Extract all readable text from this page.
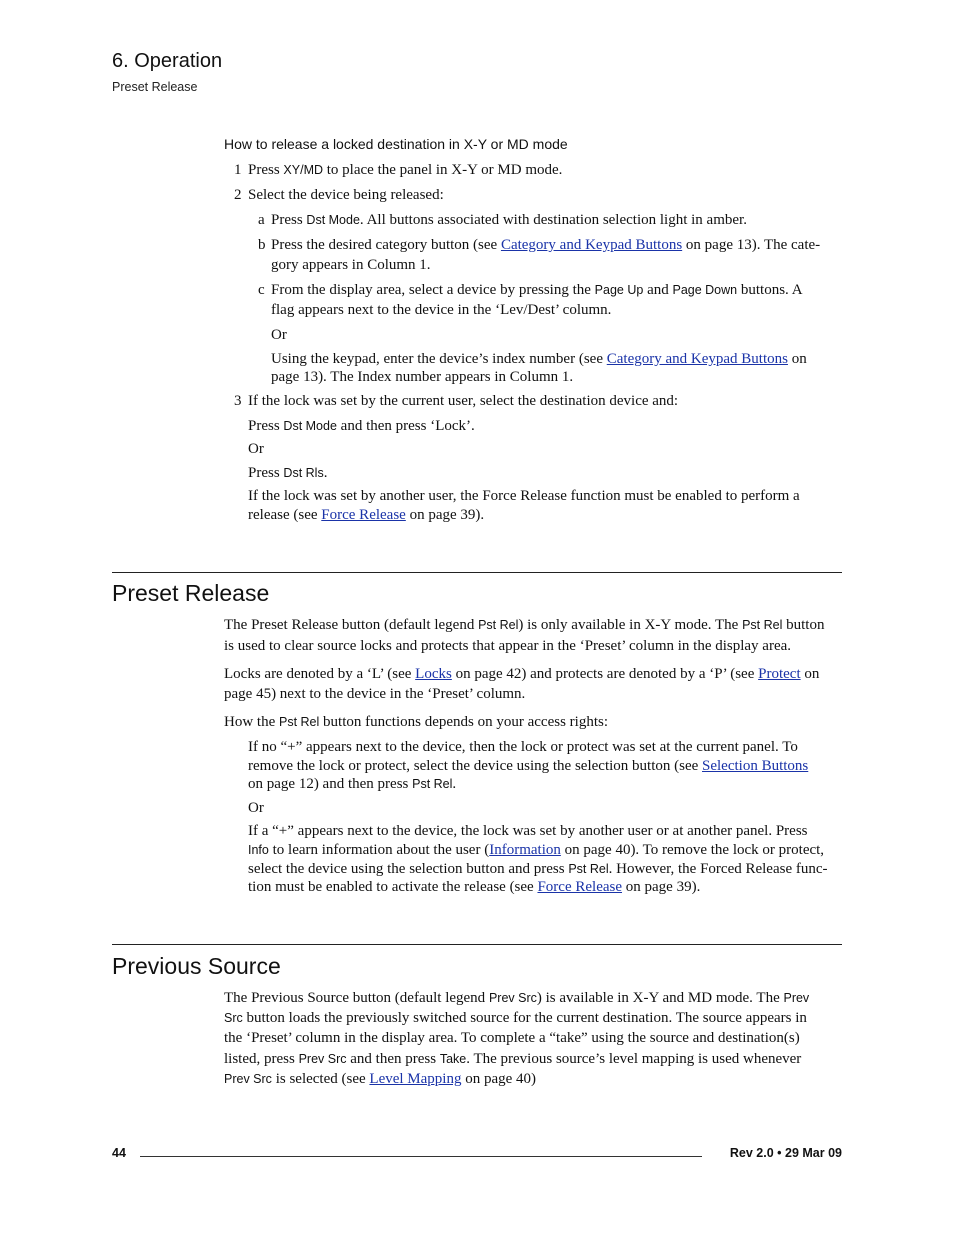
6. Operation
Preset Release
How to release a locked destination in X-Y or MD mode
1 Press XY/MD to place the panel in X-Y or MD mode.
2 Select the device being released:
a Press Dst Mode. All buttons associated with destination selection light in amber.
b Press the desired category button (see Category and Keypad Buttons on page 13). The cate-
gory appears in Column 1.
c From the display area, select a device by pressing the Page Up and Page Down buttons. A
flag appears next to the device in the ‘Lev/Dest’ column.
Or
Using the keypad, enter the device’s index number (see Category and Keypad Buttons on
page 13). The Index number appears in Column 1.
3 If the lock was set by the current user, select the destination device and:
Press Dst Mode and then press ‘Lock’.
Or
Press Dst Rls.
If the lock was set by another user, the Force Release function must be enabled to perform a
release (see Force Release on page 39).
Preset Release
The Preset Release button (default legend Pst Rel) is only available in X-Y mode. The Pst Rel button
is used to clear source locks and protects that appear in the ‘Preset’ column in the display area.
Locks are denoted by a ‘L’ (see Locks on page 42) and protects are denoted by a ‘P’ (see Protect on
page 45) next to the device in the ‘Preset’ column.
How the Pst Rel button functions depends on your access rights:
If no “+” appears next to the device, then the lock or protect was set at the current panel. To
remove the lock or protect, select the device using the selection button (see Selection Buttons
on page 12) and then press Pst Rel.
Or
If a “+” appears next to the device, the lock was set by another user or at another panel. Press
Info to learn information about the user (Information on page 40). To remove the lock or protect,
select the device using the selection button and press Pst Rel. However, the Forced Release func-
tion must be enabled to activate the release (see Force Release on page 39).
Previous Source
The Previous Source button (default legend Prev Src) is available in X-Y and MD mode. The Prev
Src button loads the previously switched source for the current destination. The source appears in
the ‘Preset’ column in the display area. To complete a “take” using the source and destination(s)
listed, press Prev Src and then press Take. The previous source’s level mapping is used whenever
Prev Src is selected (see Level Mapping on page 40)
44	Rev 2.0 • 29 Mar 09
